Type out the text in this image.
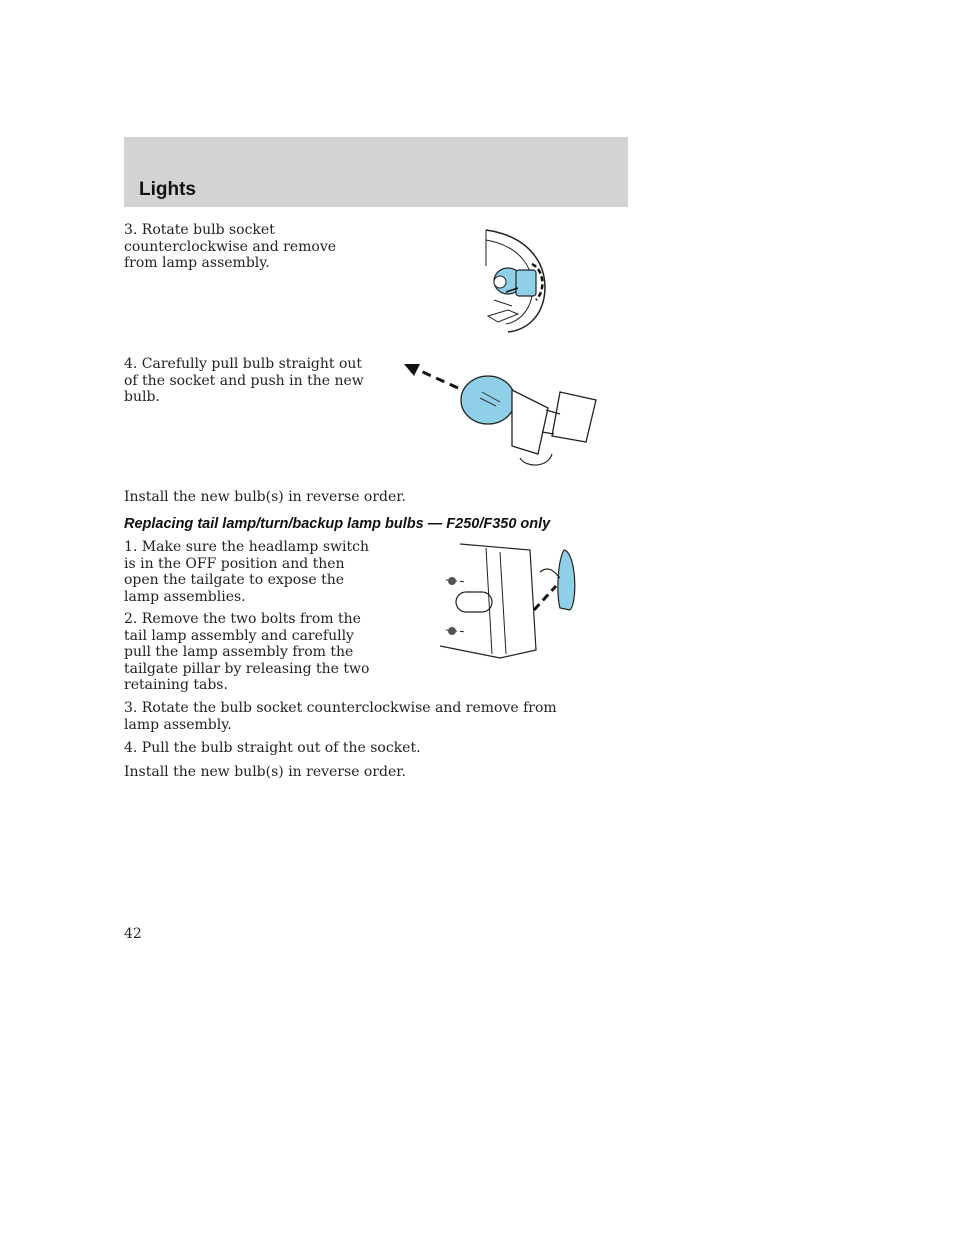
Lights

3. Rotate bulb socket counterclockwise and remove from lamp assembly.

4. Carefully pull bulb straight out of the socket and push in the new bulb.

Install the new bulb(s) in reverse order.

Replacing tail lamp/turn/backup lamp bulbs — F250/F350 only

1. Make sure the headlamp switch is in the OFF position and then open the tailgate to expose the lamp assemblies.

2. Remove the two bolts from the tail lamp assembly and carefully pull the lamp assembly from the tailgate pillar by releasing the two retaining tabs.

3. Rotate the bulb socket counterclockwise and remove from lamp assembly.

4. Pull the bulb straight out of the socket.

Install the new bulb(s) in reverse order.

42
